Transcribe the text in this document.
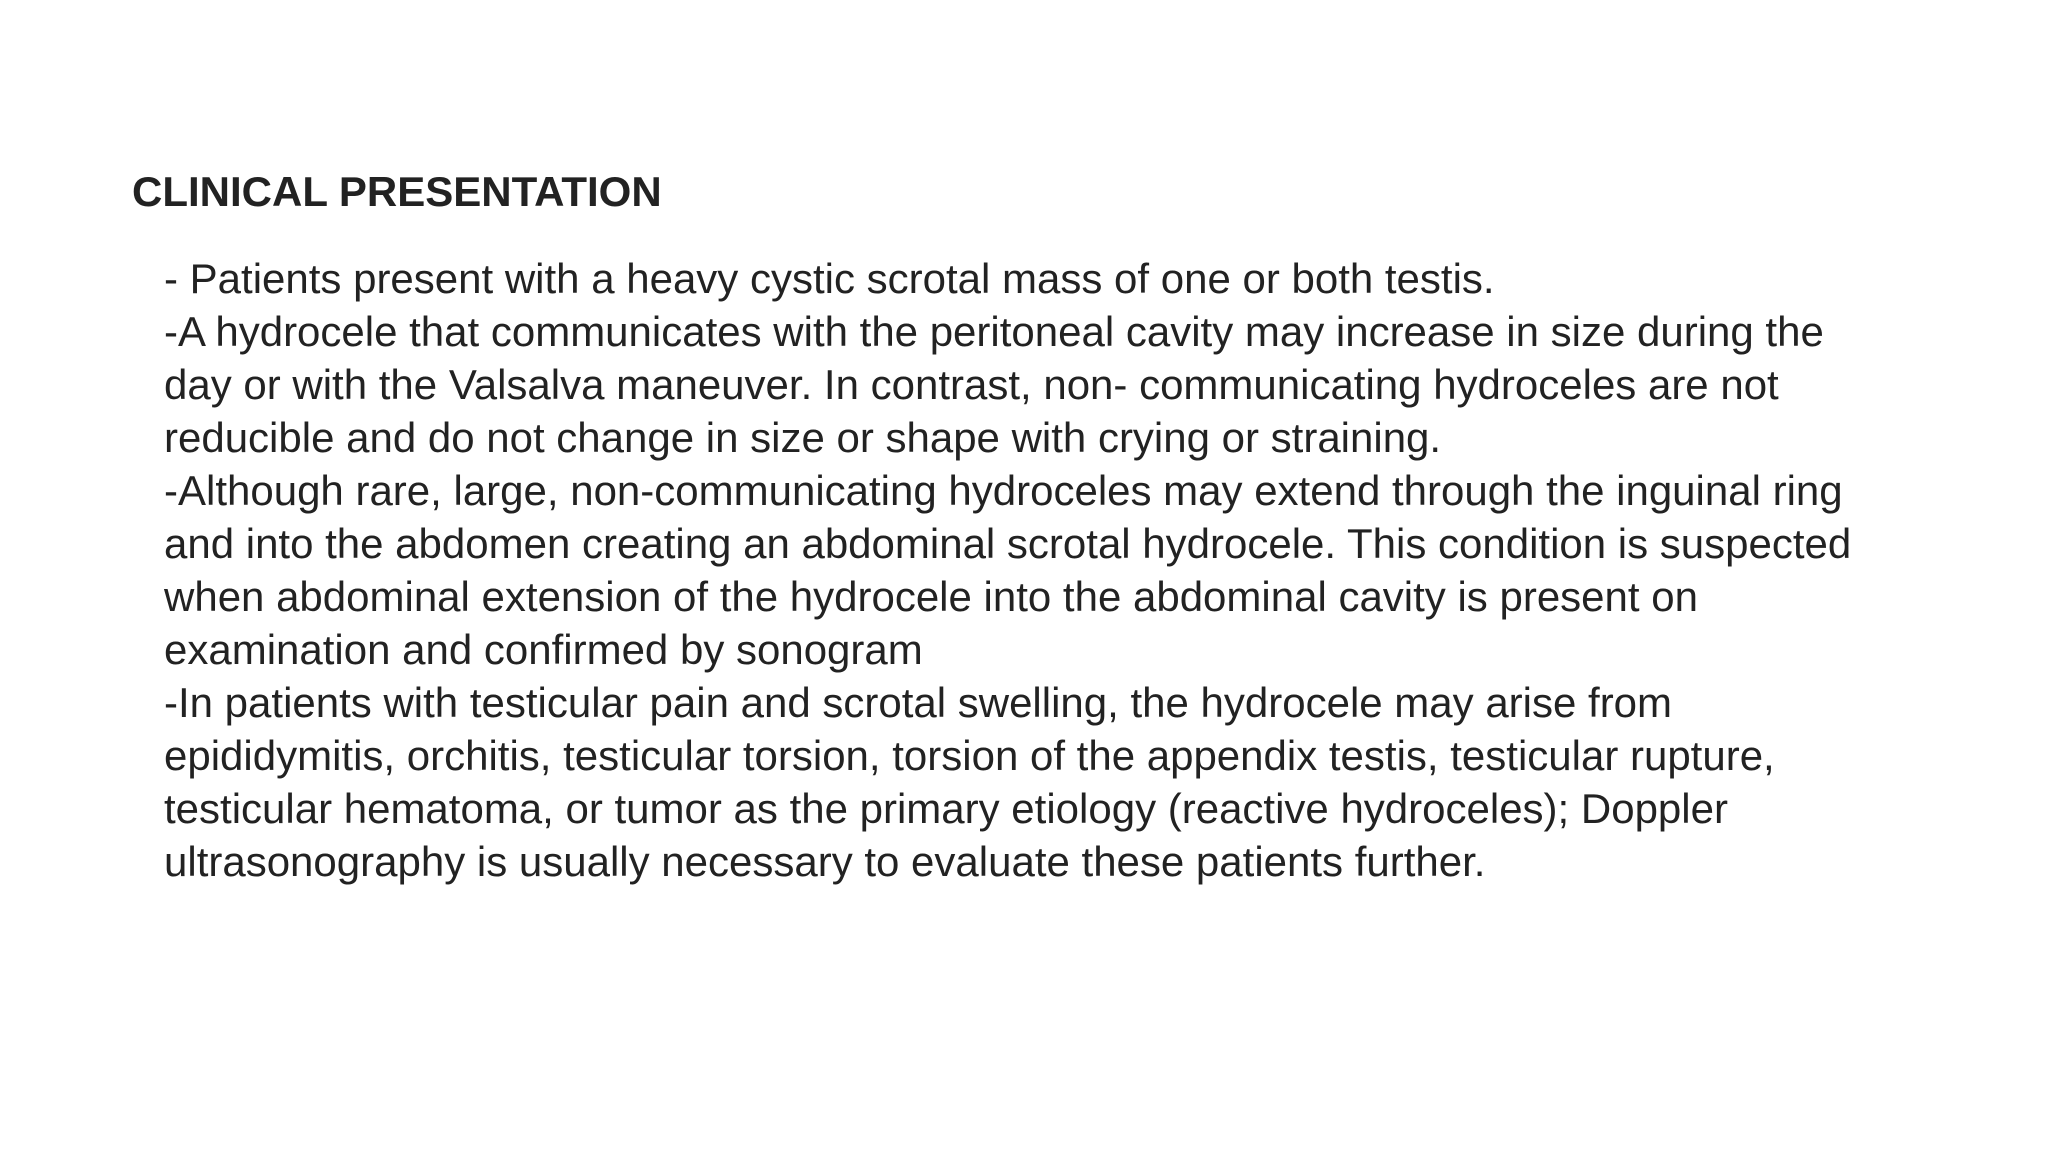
CLINICAL PRESENTATION
- Patients present with a heavy cystic scrotal mass of one or both testis.
-A hydrocele that communicates with the peritoneal cavity may increase in size during the
day or with the Valsalva maneuver. In contrast, non- communicating hydroceles are not
reducible and do not change in size or shape with crying or straining.
-Although rare, large, non-communicating hydroceles may extend through the inguinal ring
and into the abdomen creating an abdominal scrotal hydrocele. This condition is suspected
when abdominal extension of the hydrocele into the abdominal cavity is present on
examination and confirmed by sonogram
-In patients with testicular pain and scrotal swelling, the hydrocele may arise from
epididymitis, orchitis, testicular torsion, torsion of the appendix testis, testicular rupture,
testicular hematoma, or tumor as the primary etiology (reactive hydroceles); Doppler
ultrasonography is usually necessary to evaluate these patients further.
